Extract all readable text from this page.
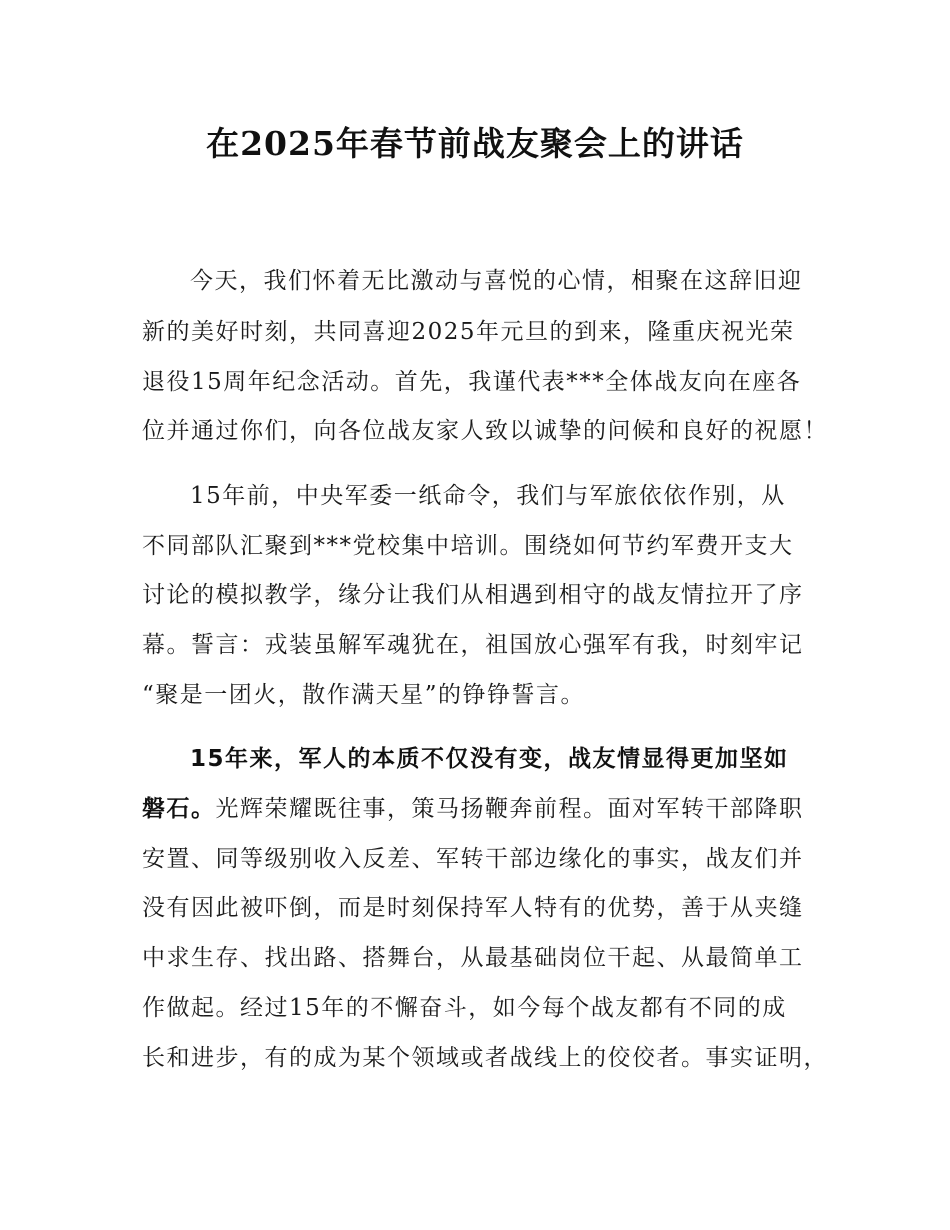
在2025年春节前战友聚会上的讲话
今天，我们怀着无比激动与喜悦的心情，相聚在这辞旧迎
新的美好时刻，共同喜迎2025年元旦的到来，隆重庆祝光荣
退役15周年纪念活动。首先，我谨代表***全体战友向在座各
位并通过你们，向各位战友家人致以诚挚的问候和良好的祝愿！
15年前，中央军委一纸命令，我们与军旅依依作别，从
不同部队汇聚到***党校集中培训。围绕如何节约军费开支大
讨论的模拟教学，缘分让我们从相遇到相守的战友情拉开了序
幕。誓言：戎装虽解军魂犹在，祖国放心强军有我，时刻牢记
“聚是一团火，散作满天星”的铮铮誓言。
15年来，军人的本质不仅没有变，战友情显得更加坚如
磐石。光辉荣耀既往事，策马扬鞭奔前程。面对军转干部降职
安置、同等级别收入反差、军转干部边缘化的事实，战友们并
没有因此被吓倒，而是时刻保持军人特有的优势，善于从夹缝
中求生存、找出路、搭舞台，从最基础岗位干起、从最简单工
作做起。经过15年的不懈奋斗，如今每个战友都有不同的成
长和进步，有的成为某个领域或者战线上的佼佼者。事实证明，
